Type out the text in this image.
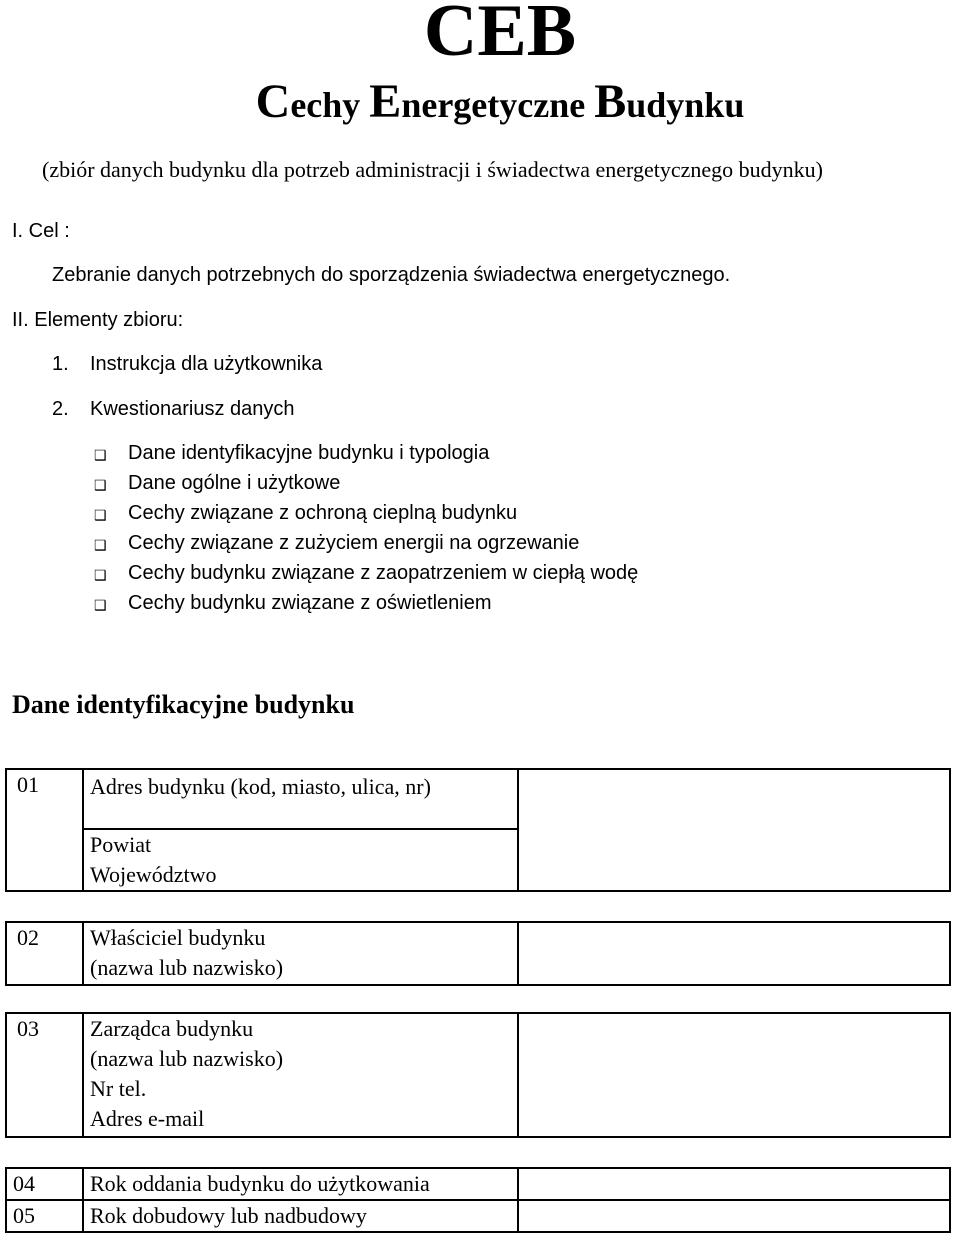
CEB
Cechy Energetyczne Budynku
(zbiór danych budynku dla potrzeb administracji i świadectwa energetycznego budynku)
I. Cel :
Zebranie danych potrzebnych do sporządzenia świadectwa energetycznego.
II. Elementy zbioru:
1. Instrukcja dla użytkownika
2. Kwestionariusz danych
❑ Dane identyfikacyjne budynku i typologia
❑ Dane ogólne i użytkowe
❑ Cechy związane z ochroną cieplną budynku
❑ Cechy związane z zużyciem energii na ogrzewanie
❑ Cechy budynku związane z zaopatrzeniem w ciepłą wodę
❑ Cechy budynku związane z oświetleniem
Dane identyfikacyjne budynku
01	Adres budynku (kod, miasto, ulica, nr)

Powiat
Województwo
02	Właściciel budynku
(nazwa lub nazwisko)

03	Zarządca budynku
(nazwa lub nazwisko)
Nr tel.
Adres e-mail

04	Rok oddania budynku do użytkowania	
05	Rok dobudowy lub nadbudowy	
